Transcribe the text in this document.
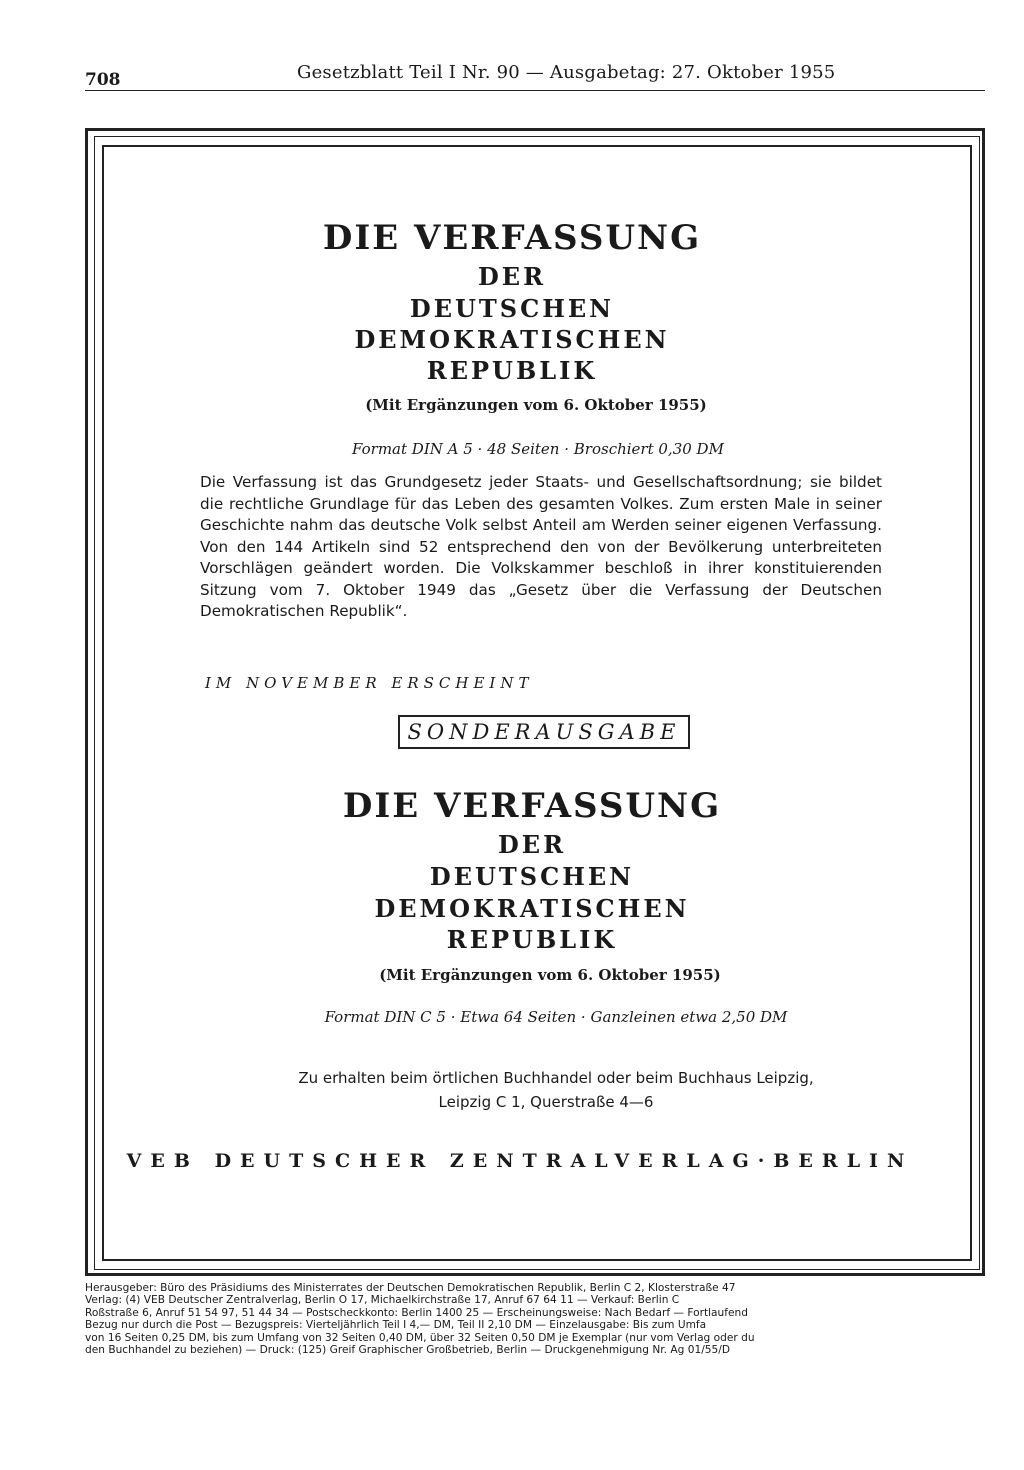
708	Gesetzblatt Teil I Nr. 90 — Ausgabetag: 27. Oktober 1955
DIE VERFASSUNG
DER
DEUTSCHEN
DEMOKRATISCHEN
REPUBLIK
(Mit Ergänzungen vom 6. Oktober 1955)
Format DIN A 5 · 48 Seiten · Broschiert 0,30 DM
Die Verfassung ist das Grundgesetz jeder Staats- und Gesellschaftsordnung; sie bildet die rechtliche Grundlage für das Leben des gesamten Volkes. Zum ersten Male in seiner Geschichte nahm das deutsche Volk selbst Anteil am Werden seiner eigenen Verfassung. Von den 144 Artikeln sind 52 entsprechend den von der Bevölkerung unterbreiteten Vorschlägen geändert worden. Die Volkskammer beschloß in ihrer konstituierenden Sitzung vom 7. Oktober 1949 das „Gesetz über die Verfassung der Deutschen Demokratischen Republik“.
IM NOVEMBER ERSCHEINT
SONDERAUSGABE
DIE VERFASSUNG
DER
DEUTSCHEN
DEMOKRATISCHEN
REPUBLIK
(Mit Ergänzungen vom 6. Oktober 1955)
Format DIN C 5 · Etwa 64 Seiten · Ganzleinen etwa 2,50 DM
Zu erhalten beim örtlichen Buchhandel oder beim Buchhaus Leipzig,
Leipzig C 1, Querstraße 4—6
VEB DEUTSCHER ZENTRALVERLAG·BERLIN
Herausgeber: Büro des Präsidiums des Ministerrates der Deutschen Demokratischen Republik, Berlin C 2, Klosterstraße 47
Verlag: (4) VEB Deutscher Zentralverlag, Berlin O 17, Michaelkirchstraße 17, Anruf 67 64 11 — Verkauf: Berlin C
Roßstraße 6, Anruf 51 54 97, 51 44 34 — Postscheckkonto: Berlin 1400 25 — Erscheinungsweise: Nach Bedarf — Fortlaufend
Bezug nur durch die Post — Bezugspreis: Vierteljährlich Teil I 4,— DM, Teil II 2,10 DM — Einzelausgabe: Bis zum Umfa
von 16 Seiten 0,25 DM, bis zum Umfang von 32 Seiten 0,40 DM, über 32 Seiten 0,50 DM je Exemplar (nur vom Verlag oder du
den Buchhandel zu beziehen) — Druck: (125) Greif Graphischer Großbetrieb, Berlin — Druckgenehmigung Nr. Ag 01/55/D
